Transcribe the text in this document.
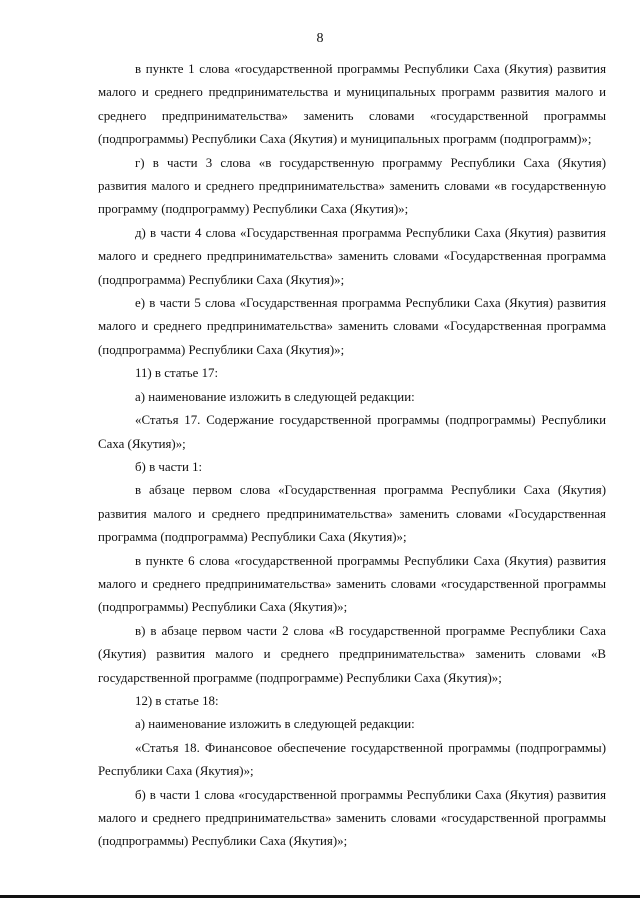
8

в пункте 1 слова «государственной программы Республики Саха (Якутия) развития малого и среднего предпринимательства и муниципальных программ развития малого и среднего предпринимательства» заменить словами «государственной программы (подпрограммы) Республики Саха (Якутия) и муниципальных программ (подпрограмм)»;

г) в части 3 слова «в государственную программу Республики Саха (Якутия) развития малого и среднего предпринимательства» заменить словами «в государственную программу (подпрограмму) Республики Саха (Якутия)»;

д) в части 4 слова «Государственная программа Республики Саха (Якутия) развития малого и среднего предпринимательства» заменить словами «Государственная программа (подпрограмма) Республики Саха (Якутия)»;

е) в части 5 слова «Государственная программа Республики Саха (Якутия) развития малого и среднего предпринимательства» заменить словами «Государственная программа (подпрограмма) Республики Саха (Якутия)»;

11) в статье 17:

а) наименование изложить в следующей редакции:

«Статья 17. Содержание государственной программы (подпрограммы) Республики Саха (Якутия)»;

б) в части 1:

в абзаце первом слова «Государственная программа Республики Саха (Якутия) развития малого и среднего предпринимательства» заменить словами «Государственная программа (подпрограмма) Республики Саха (Якутия)»;

в пункте 6 слова «государственной программы Республики Саха (Якутия) развития малого и среднего предпринимательства» заменить словами «государственной программы (подпрограммы) Республики Саха (Якутия)»;

в) в абзаце первом части 2 слова «В государственной программе Республики Саха (Якутия) развития малого и среднего предпринимательства» заменить словами «В государственной программе (подпрограмме) Республики Саха (Якутия)»;

12) в статье 18:

а) наименование изложить в следующей редакции:

«Статья 18. Финансовое обеспечение государственной программы (подпрограммы) Республики Саха (Якутия)»;

б) в части 1 слова «государственной программы Республики Саха (Якутия) развития малого и среднего предпринимательства» заменить словами «государственной программы (подпрограммы) Республики Саха (Якутия)»;
